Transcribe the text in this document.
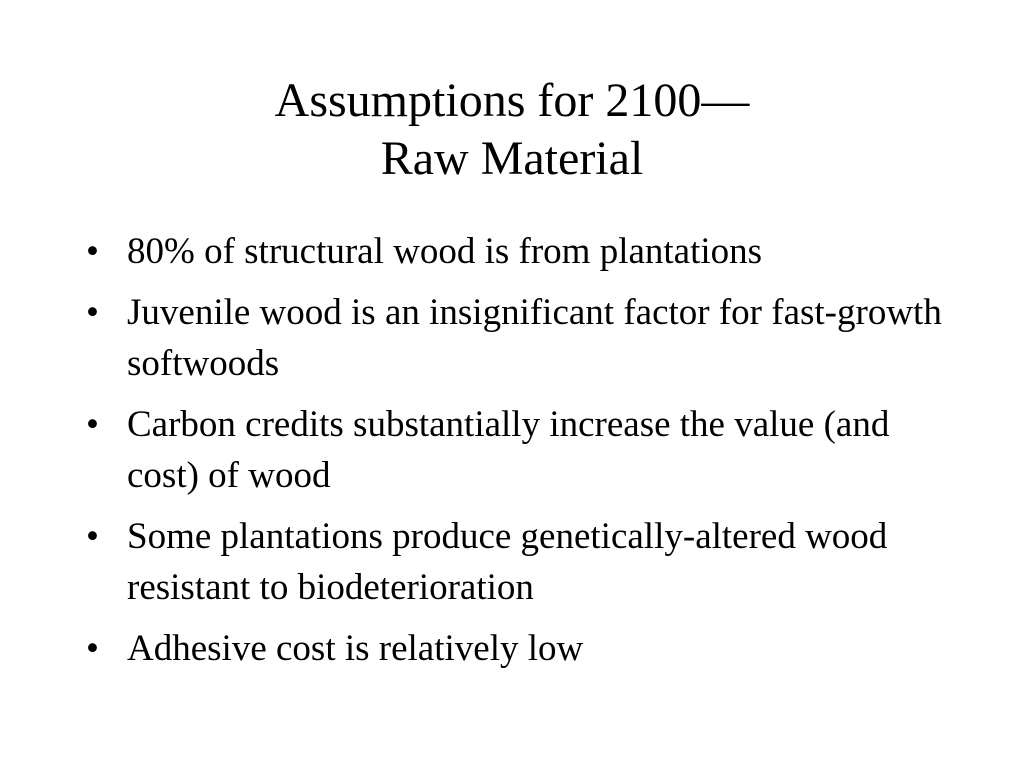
Assumptions for 2100—
Raw Material
• 80% of structural wood is from plantations
• Juvenile wood is an insignificant factor for fast-growth softwoods
• Carbon credits substantially increase the value (and cost) of wood
• Some plantations produce genetically-altered wood resistant to biodeterioration
• Adhesive cost is relatively low
